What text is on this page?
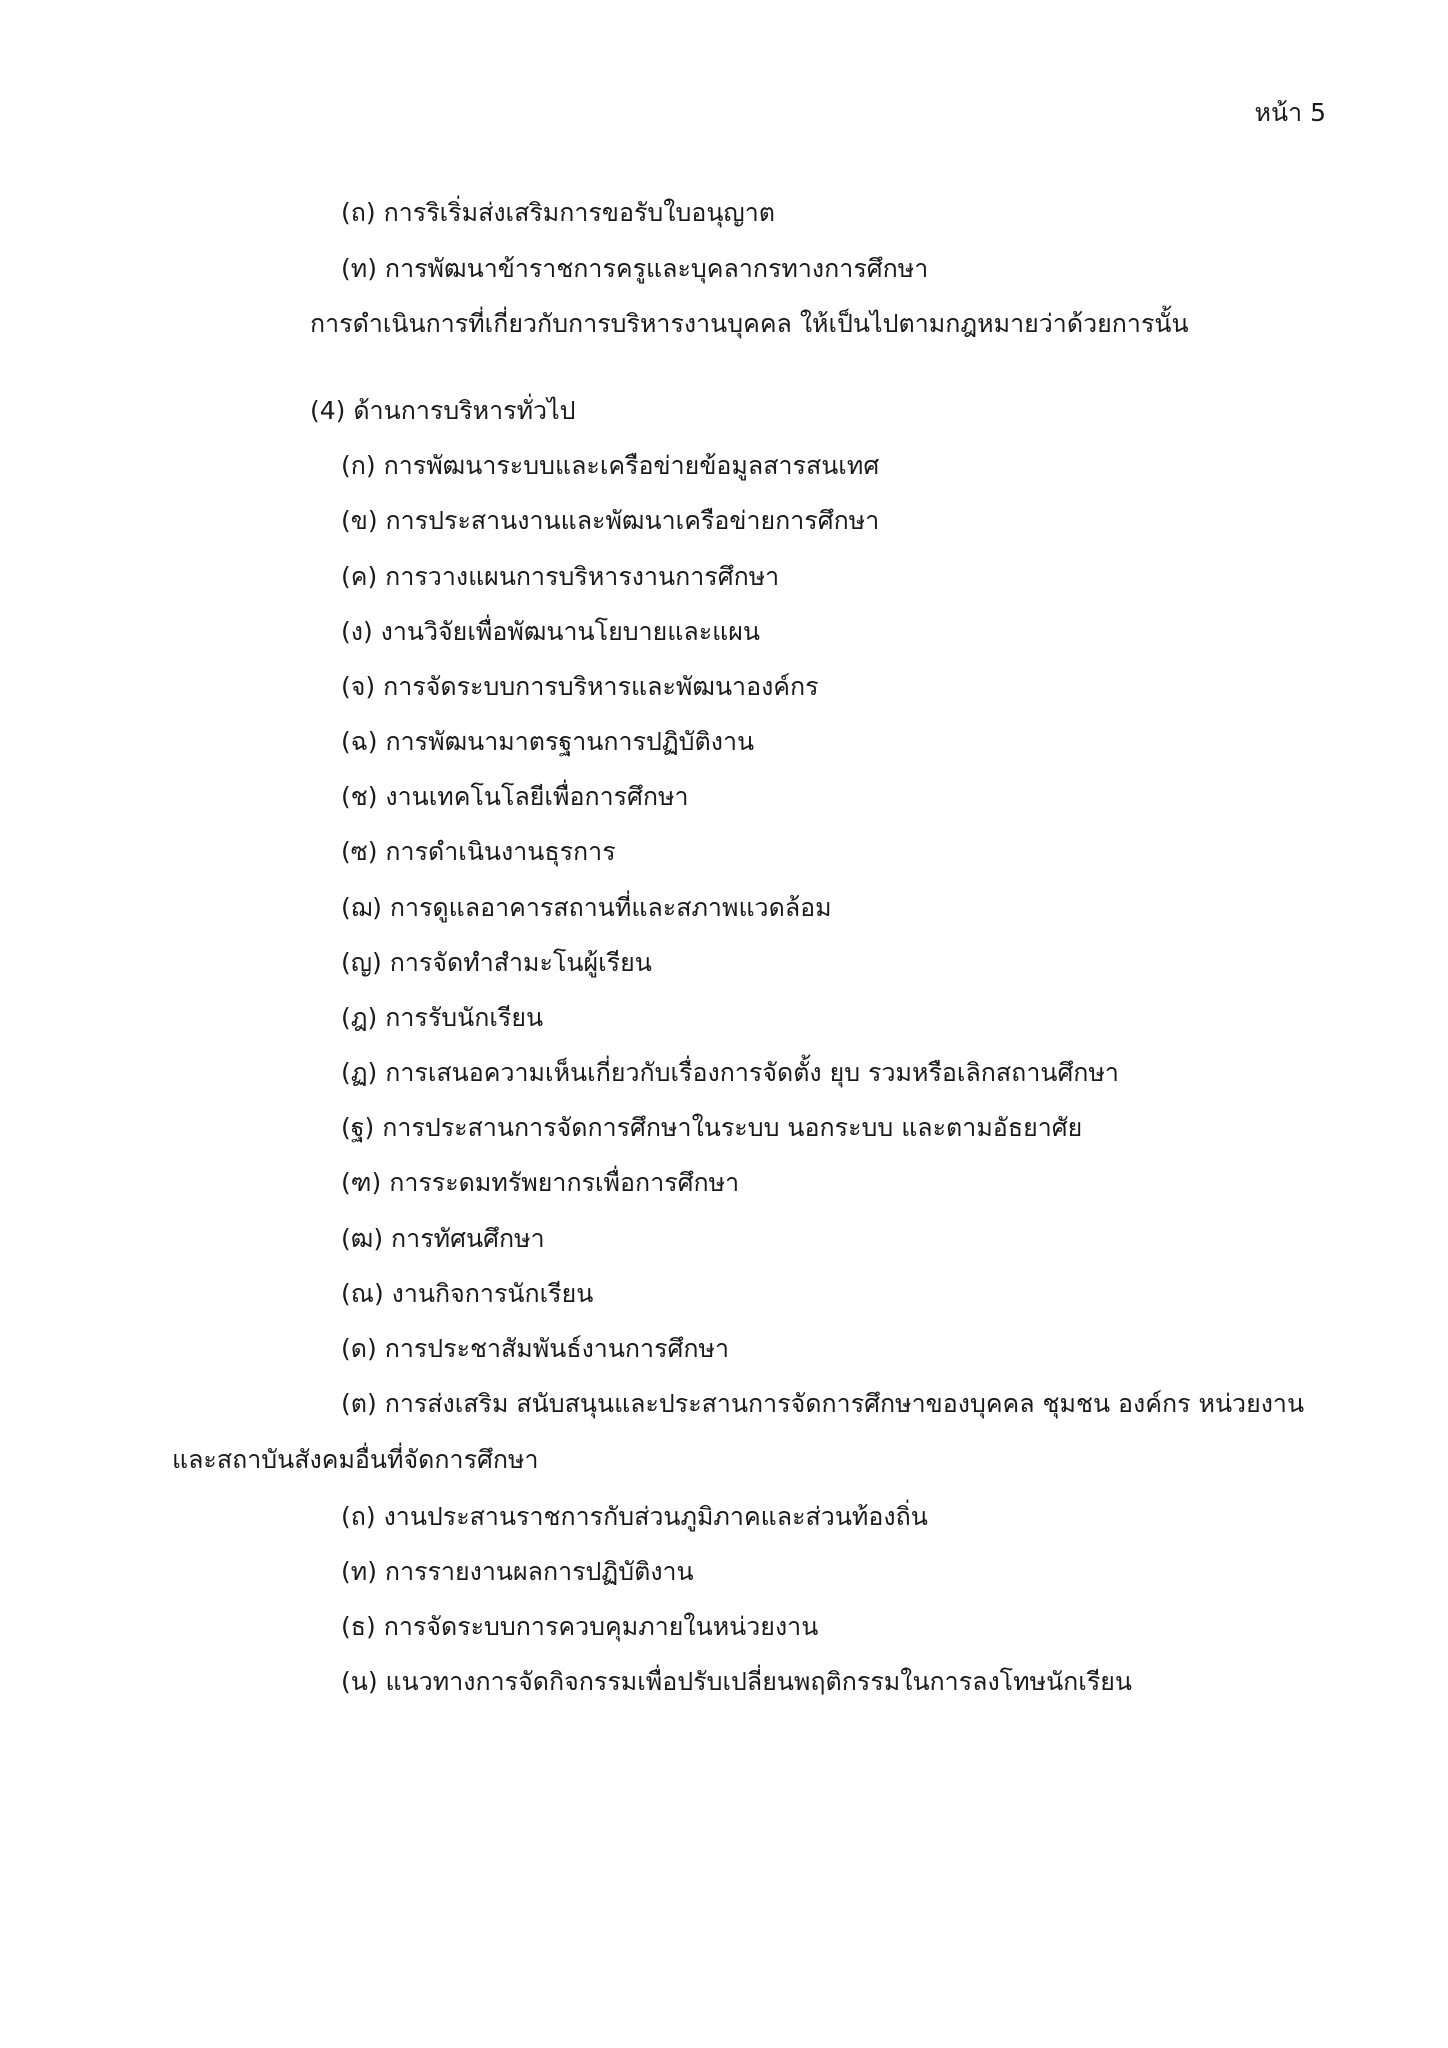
หน้า 5
(ถ) การริเริ่มส่งเสริมการขอรับใบอนุญาต
(ท) การพัฒนาข้าราชการครูและบุคลากรทางการศึกษา
การดำเนินการที่เกี่ยวกับการบริหารงานบุคคล ให้เป็นไปตามกฎหมายว่าด้วยการนั้น
(4) ด้านการบริหารทั่วไป
(ก) การพัฒนาระบบและเครือข่ายข้อมูลสารสนเทศ
(ข) การประสานงานและพัฒนาเครือข่ายการศึกษา
(ค) การวางแผนการบริหารงานการศึกษา
(ง) งานวิจัยเพื่อพัฒนานโยบายและแผน
(จ) การจัดระบบการบริหารและพัฒนาองค์กร
(ฉ) การพัฒนามาตรฐานการปฏิบัติงาน
(ช) งานเทคโนโลยีเพื่อการศึกษา
(ซ) การดำเนินงานธุรการ
(ฌ) การดูแลอาคารสถานที่และสภาพแวดล้อม
(ญ) การจัดทำสำมะโนผู้เรียน
(ฎ) การรับนักเรียน
(ฏ) การเสนอความเห็นเกี่ยวกับเรื่องการจัดตั้ง ยุบ รวมหรือเลิกสถานศึกษา
(ฐ) การประสานการจัดการศึกษาในระบบ นอกระบบ และตามอัธยาศัย
(ฑ) การระดมทรัพยากรเพื่อการศึกษา
(ฒ) การทัศนศึกษา
(ณ) งานกิจการนักเรียน
(ด) การประชาสัมพันธ์งานการศึกษา
(ต) การส่งเสริม สนับสนุนและประสานการจัดการศึกษาของบุคคล ชุมชน องค์กร หน่วยงาน
และสถาบันสังคมอื่นที่จัดการศึกษา
(ถ) งานประสานราชการกับส่วนภูมิภาคและส่วนท้องถิ่น
(ท) การรายงานผลการปฏิบัติงาน
(ธ) การจัดระบบการควบคุมภายในหน่วยงาน
(น) แนวทางการจัดกิจกรรมเพื่อปรับเปลี่ยนพฤติกรรมในการลงโทษนักเรียน
